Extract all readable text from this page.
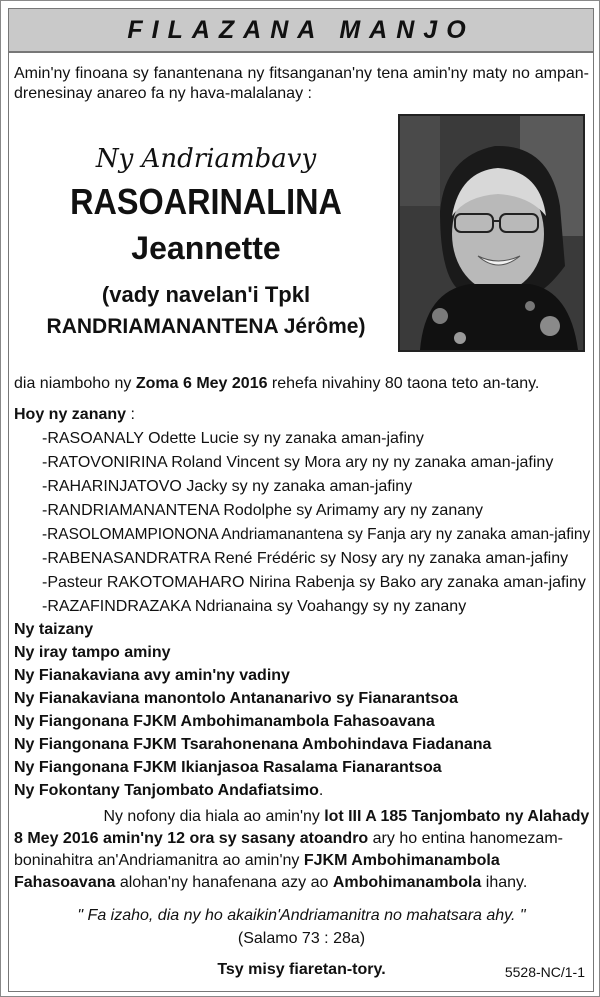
FILAZANA MANJO
Amin'ny finoana sy fanantenana ny fitsanganan'ny tena amin'ny maty no ampan-drenesinay anareo fa ny hava-malalanay :
Ny Andriambavy
RASOARINALINA
Jeannette
(vady navelan'i Tpkl
RANDRIAMANANTENA Jérôme)
dia niamboho ny Zoma 6 Mey 2016 rehefa nivahiny 80 taona teto an-tany.
Hoy ny zanany :
-RASOANALY Odette Lucie sy ny zanaka aman-jafiny
-RATOVONIRINA Roland Vincent sy Mora ary ny ny zanaka aman-jafiny
-RAHARINJATOVO Jacky sy ny zanaka aman-jafiny
-RANDRIAMANANTENA Rodolphe sy Arimamy ary ny zanany
-RASOLOMAMPIONONA Andriamanantena sy Fanja ary ny zanaka aman-jafiny
-RABENASANDRATRA René Frédéric sy Nosy ary ny zanaka aman-jafiny
-Pasteur RAKOTOMAHARO Nirina Rabenja sy Bako ary zanaka aman-jafiny
-RAZAFINDRAZAKA Ndrianaina sy Voahangy sy ny zanany
Ny taizany
Ny iray tampo aminy
Ny Fianakaviana avy amin'ny vadiny
Ny Fianakaviana manontolo Antananarivo sy Fianarantsoa
Ny Fiangonana FJKM Ambohimanambola Fahasoavana
Ny Fiangonana FJKM Tsarahonenana Ambohindava Fiadanana
Ny Fiangonana FJKM Ikianjasoa Rasalama Fianarantsoa
Ny Fokontany Tanjombato Andafiatsimo.
Ny nofony dia hiala ao amin'ny lot III A 185 Tanjombato ny Alahady
8 Mey 2016 amin'ny 12 ora sy sasany atoandro ary ho entina hanomezam-
boninahitra an'Andriamanitra ao amin'ny FJKM Ambohimanambola
Fahasoavana alohan'ny hanafenana azy ao Ambohimanambola ihany.
" Fa izaho, dia ny ho akaikin'Andriamanitra no mahatsara ahy. "
(Salamo 73 : 28a)
Tsy misy fiaretan-tory.	5528-NC/1-1
